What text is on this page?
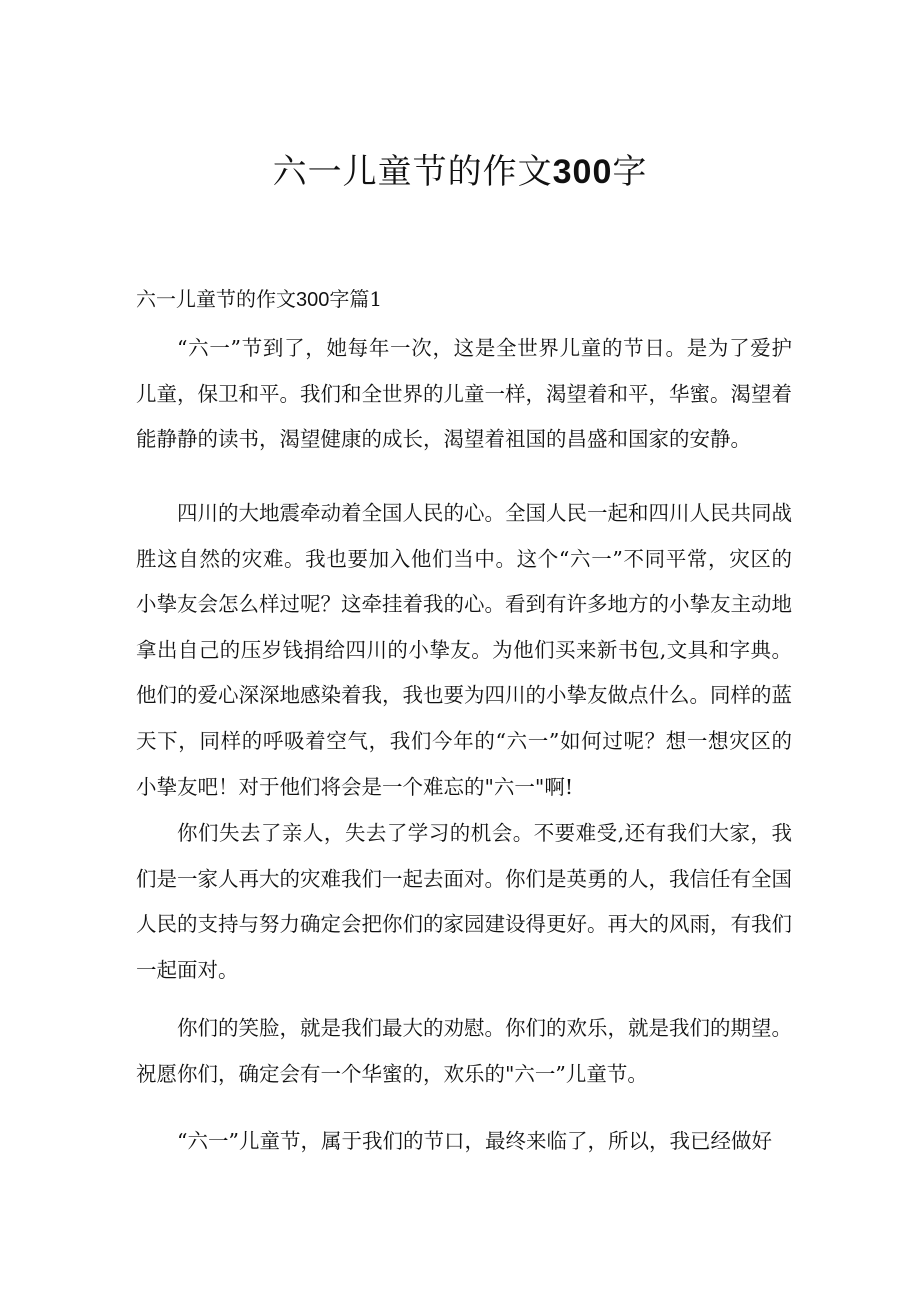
六一儿童节的作文300字
六一儿童节的作文300字篇1

“六一”节到了，她每年一次，这是全世界儿童的节日。是为了爱护儿童，保卫和平。我们和全世界的儿童一样，渴望着和平，华蜜。渴望着能静静的读书，渴望健康的成长，渴望着祖国的昌盛和国家的安静。

四川的大地震牵动着全国人民的心。全国人民一起和四川人民共同战胜这自然的灾难。我也要加入他们当中。这个“六一”不同平常，灾区的小挚友会怎么样过呢？这牵挂着我的心。看到有许多地方的小挚友主动地拿出自己的压岁钱捐给四川的小挚友。为他们买来新书包,文具和字典。他们的爱心深深地感染着我，我也要为四川的小挚友做点什么。同样的蓝天下，同样的呼吸着空气，我们今年的“六一”如何过呢？想一想灾区的小挚友吧！对于他们将会是一个难忘的"六一"啊!

你们失去了亲人，失去了学习的机会。不要难受,还有我们大家，我们是一家人再大的灾难我们一起去面对。你们是英勇的人，我信任有全国人民的支持与努力确定会把你们的家园建设得更好。再大的风雨，有我们一起面对。

你们的笑脸，就是我们最大的劝慰。你们的欢乐，就是我们的期望。祝愿你们，确定会有一个华蜜的，欢乐的"六一”儿童节。

“六一”儿童节，属于我们的节口，最终来临了，所以，我已经做好
